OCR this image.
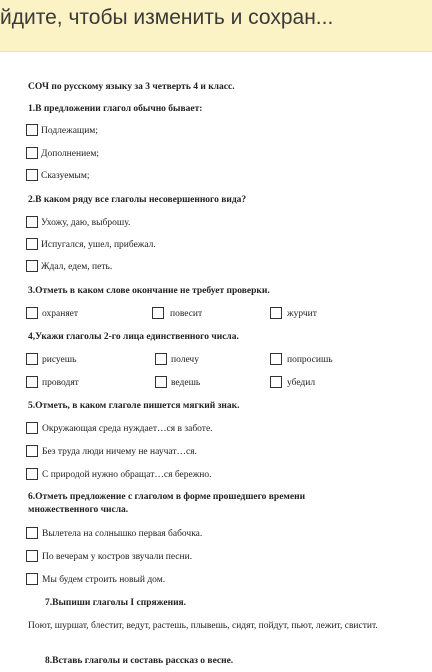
йдите, чтобы изменить и сохран...
СОЧ по русскому языку за 3 четверть 4 и класс.
1.В предложении глагол обычно бывает:
Подлежащим;
Дополнением;
Сказуемым;
2.В каком ряду все глаголы несовершенного вида?
Ухожу, даю, выброшу.
Испугался, ушел, прибежал.
Ждал, едем, петь.
3.Отметь в каком слове окончание не требует проверки.
охраняет	повесит	журчит
4,Укажи глаголы 2-го лица единственного числа.
рисуешь	полечу	попросишь
проводят	ведешь	убедил
5.Отметь, в каком глаголе пишется мягкий знак.
Окружающая среда нуждает…ся в заботе.
Без труда люди ничему не научат…ся.
С природой нужно обращат…ся бережно.
6.Отметь предложение с глаголом в форме прошедшего времени
множественного числа.
Вылетела на солнышко первая бабочка.
По вечерам у костров звучали песни.
Мы будем строить новый дом.
7.Выпиши глаголы I спряжения.
Поют, шуршат, блестит, ведут, растешь, плывешь, сидят, пойдут, пьют, лежит, свистит.
8.Вставь глаголы и составь рассказ о весне.
